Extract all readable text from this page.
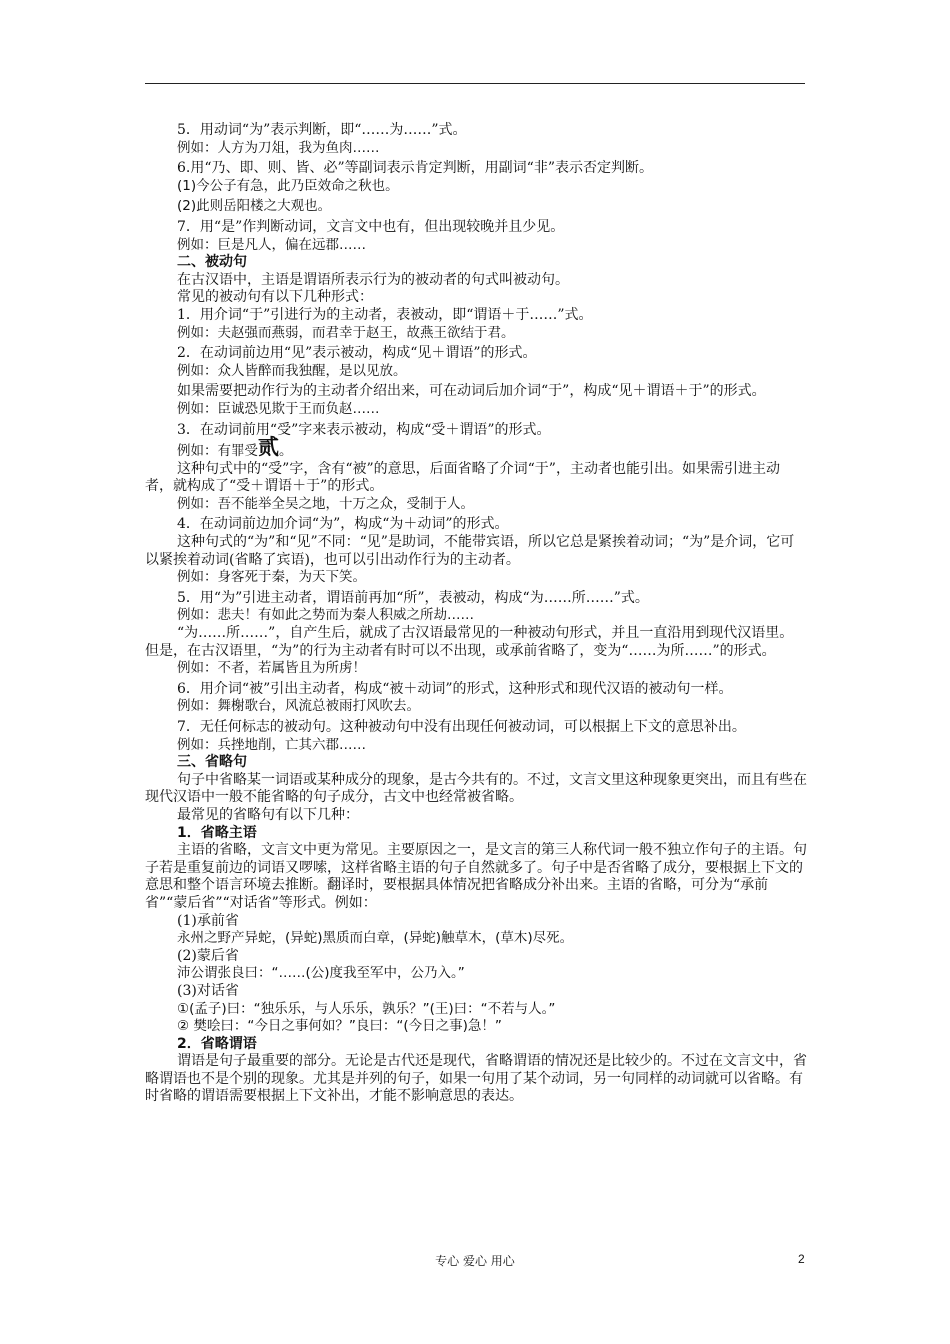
5．用动词“为”表示判断，即“……为……”式。

例如：人方为刀俎，我为鱼肉……

6.用“乃、即、则、皆、必”等副词表示肯定判断，用副词“非”表示否定判断。

(1)今公子有急，此乃臣效命之秋也。

(2)此则岳阳楼之大观也。

7．用“是”作判断动词，文言文中也有，但出现较晚并且少见。

例如：巨是凡人，偏在远郡……

二、被动句

在古汉语中，主语是谓语所表示行为的被动者的句式叫被动句。

常见的被动句有以下几种形式：

1．用介词“于”引进行为的主动者，表被动，即“谓语＋于……”式。

例如：夫赵强而燕弱，而君幸于赵王，故燕王欲结于君。

2．在动词前边用“见”表示被动，构成“见＋谓语”的形式。

例如：众人皆醉而我独醒，是以见放。

如果需要把动作行为的主动者介绍出来，可在动词后加介词“于”，构成“见＋谓语＋于”的形式。

例如：臣诚恐见欺于王而负赵……

3．在动词前用“受”字来表示被动，构成“受＋谓语”的形式。

例如：有罪受贰。

这种句式中的“受”字，含有“被”的意思，后面省略了介词“于”，主动者也能引出。如果需引进主动者，就构成了“受＋谓语＋于”的形式。

例如：吾不能举全吴之地，十万之众，受制于人。

4．在动词前边加介词“为”，构成“为＋动词”的形式。

这种句式的“为”和“见”不同：“见”是助词，不能带宾语，所以它总是紧挨着动词；“为”是介词，它可以紧挨着动词(省略了宾语)，也可以引出动作行为的主动者。

例如：身客死于秦，为天下笑。

5．用“为”引进主动者，谓语前再加“所”，表被动，构成“为……所……”式。

例如：悲夫！有如此之势而为秦人积威之所劫……

“为……所……”，自产生后，就成了古汉语最常见的一种被动句形式，并且一直沿用到现代汉语里。但是，在古汉语里，“为”的行为主动者有时可以不出现，或承前省略了，变为“……为所……”的形式。

例如：不者，若属皆且为所虏！

6．用介词“被”引出主动者，构成“被＋动词”的形式，这种形式和现代汉语的被动句一样。

例如：舞榭歌台，风流总被雨打风吹去。

7．无任何标志的被动句。这种被动句中没有出现任何被动词，可以根据上下文的意思补出。

例如：兵挫地削，亡其六郡……

三、省略句

句子中省略某一词语或某种成分的现象，是古今共有的。不过，文言文里这种现象更突出，而且有些在现代汉语中一般不能省略的句子成分，古文中也经常被省略。

最常见的省略句有以下几种：

1．省略主语

主语的省略，文言文中更为常见。主要原因之一，是文言的第三人称代词一般不独立作句子的主语。句子若是重复前边的词语又啰嗦，这样省略主语的句子自然就多了。句子中是否省略了成分，要根据上下文的意思和整个语言环境去推断。翻译时，要根据具体情况把省略成分补出来。主语的省略，可分为“承前省”“蒙后省”“对话省”等形式。例如：

(1)承前省

永州之野产异蛇，(异蛇)黑质而白章，(异蛇)触草木，(草木)尽死。

(2)蒙后省

沛公谓张良曰：“……(公)度我至军中，公乃入。”

(3)对话省

①(孟子)曰：“独乐乐，与人乐乐，孰乐？”(王)曰：“不若与人。”

② 樊哙曰：“今日之事何如？”良曰：“(今日之事)急！”

2．省略谓语

谓语是句子最重要的部分。无论是古代还是现代，省略谓语的情况还是比较少的。不过在文言文中，省略谓语也不是个别的现象。尤其是并列的句子，如果一句用了某个动词，另一句同样的动词就可以省略。有时省略的谓语需要根据上下文补出，才能不影响意思的表达。

专心 爱心 用心	2
